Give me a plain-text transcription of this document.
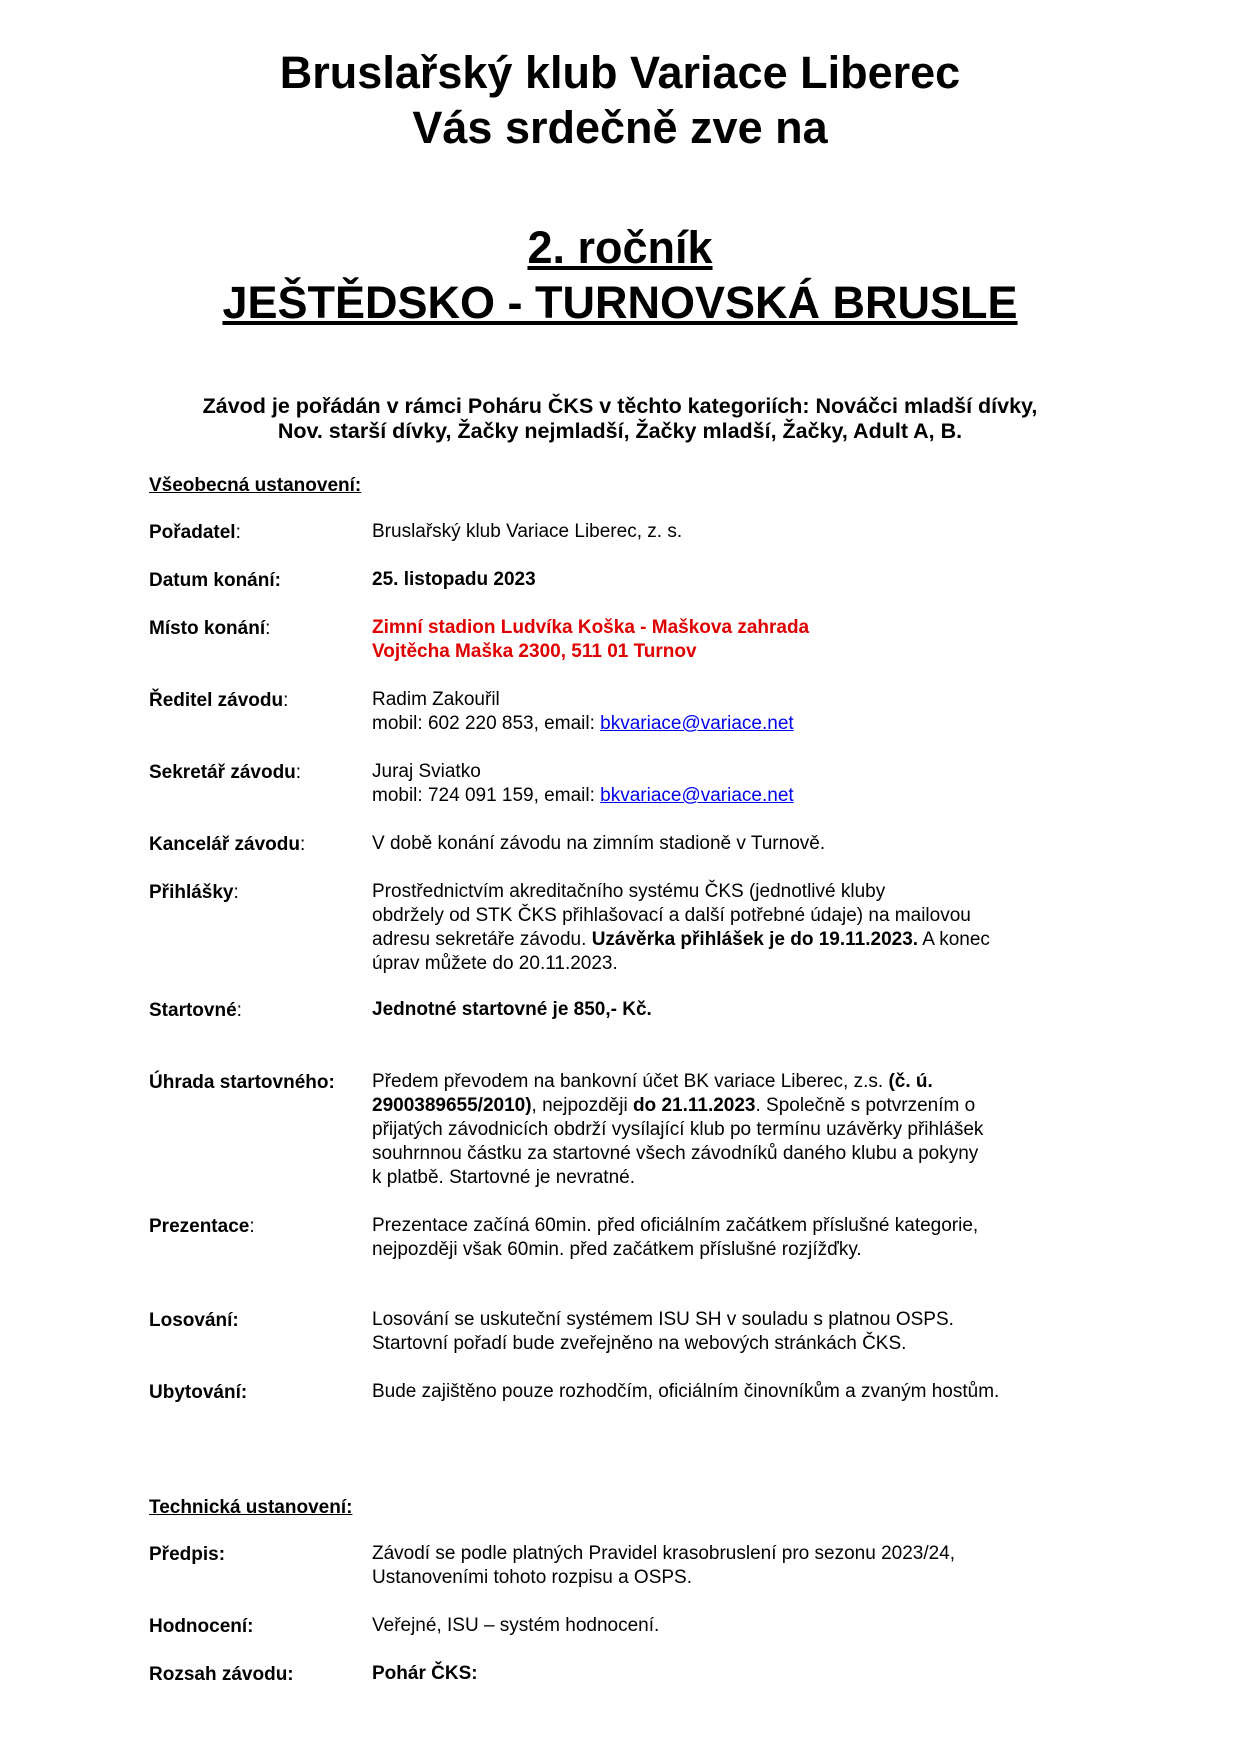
Bruslařský klub Variace Liberec
Vás srdečně zve na
2. ročník
JEŠTĚDSKO - TURNOVSKÁ BRUSLE
Závod je pořádán v rámci Poháru ČKS v těchto kategoriích: Nováčci mladší dívky,
Nov. starší dívky, Žačky nejmladší, Žačky mladší, Žačky, Adult A, B.
Všeobecná ustanovení:
Pořadatel:	Bruslařský klub Variace Liberec, z. s.
Datum konání:	25. listopadu 2023
Místo konání:	Zimní stadion Ludvíka Koška - Maškova zahrada
Vojtěcha Maška 2300, 511 01 Turnov
Ředitel závodu:	Radim Zakouřil
mobil: 602 220 853, email: bkvariace@variace.net
Sekretář závodu:	Juraj Sviatko
mobil: 724 091 159, email: bkvariace@variace.net
Kancelář závodu:	V době konání závodu na zimním stadioně v Turnově.
Přihlášky:	Prostřednictvím akreditačního systému ČKS (jednotlivé kluby
obdržely od STK ČKS přihlašovací a další potřebné údaje) na mailovou
adresu sekretáře závodu. Uzávěrka přihlášek je do 19.11.2023. A konec
úprav můžete do 20.11.2023.
Startovné:	Jednotné startovné je 850,- Kč.
Úhrada startovného: Předem převodem na bankovní účet BK variace Liberec, z.s. (č. ú.
2900389655/2010), nejpozději do 21.11.2023. Společně s potvrzením o
přijatých závodnicích obdrží vysílající klub po termínu uzávěrky přihlášek
souhrnnou částku za startovné všech závodníků daného klubu a pokyny
k platbě. Startovné je nevratné.
Prezentace:	Prezentace začíná 60min. před oficiálním začátkem příslušné kategorie,
nejpozději však 60min. před začátkem příslušné rozjížďky.
Losování:	Losování se uskuteční systémem ISU SH v souladu s platnou OSPS.
Startovní pořadí bude zveřejněno na webových stránkách ČKS.
Ubytování:	Bude zajištěno pouze rozhodčím, oficiálním činovníkům a zvaným hostům.
Technická ustanovení:
Předpis:	Závodí se podle platných Pravidel krasobruslení pro sezonu 2023/24,
Ustanoveními tohoto rozpisu a OSPS.
Hodnocení:	Veřejné, ISU – systém hodnocení.
Rozsah závodu:	Pohár ČKS:
